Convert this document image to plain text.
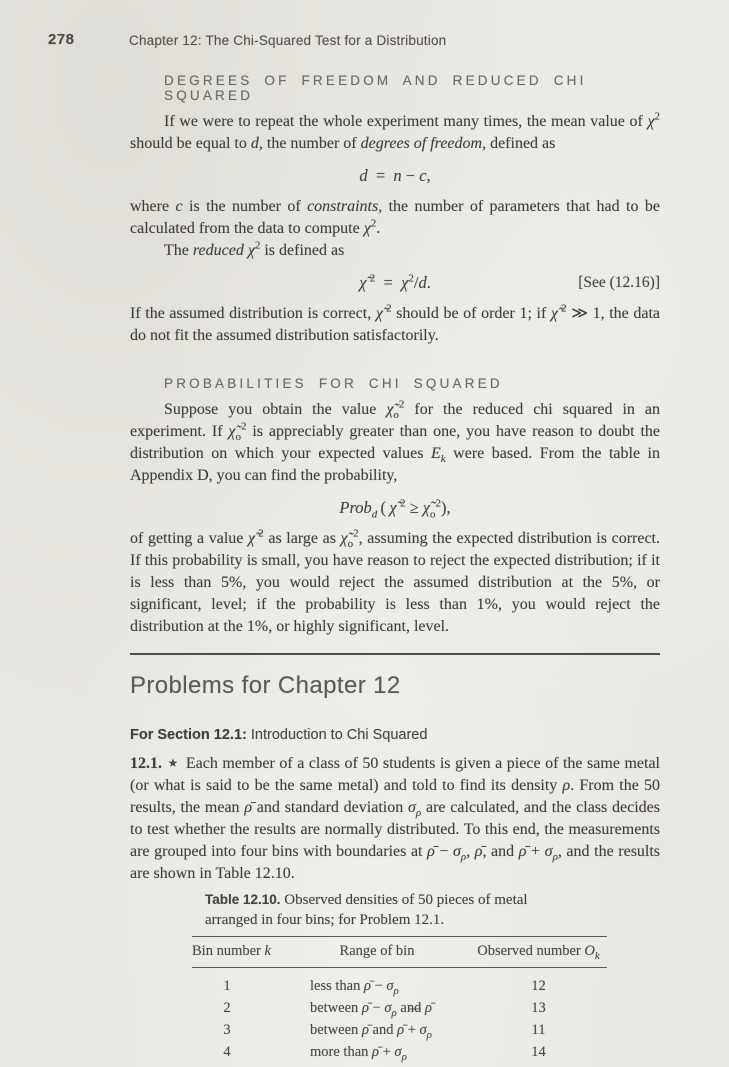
278	Chapter 12: The Chi-Squared Test for a Distribution
DEGREES OF FREEDOM AND REDUCED CHI SQUARED

If we were to repeat the whole experiment many times, the mean value of $\chi^2$ should be equal to d, the number of degrees of freedom, defined as

d = n − c,

where c is the number of constraints, the number of parameters that had to be calculated from the data to compute $\chi^2$.

The reduced $\chi^2$ is defined as

χ̃  $^2$ = $\chi^2/d$.	[See (12.16)]

If the assumed distribution is correct, χ̃  $^2$ should be of order 1; if χ̃  $^2$ ≫ 1, the data do not fit the assumed distribution satisfactorily.

PROBABILITIES FOR CHI SQUARED

Suppose you obtain the value $\chĩ_o^2$ for the reduced chi squared in an experiment. If $\chĩ_o^2$ is appreciably greater than one, you have reason to doubt the distribution on which your expected values $E_k$ were based. From the table in Appendix D, you can find the probability,

Prob$_d$ ( χ̃  $^2 \ge \chĩ_o^2$),

of getting a value χ̃  $^2$ as large as $\chĩ_o^2$, assuming the expected distribution is correct. If this probability is small, you have reason to reject the expected distribution; if it is less than 5%, you would reject the assumed distribution at the 5%, or significant, level; if the probability is less than 1%, you would reject the distribution at the 1%, or highly significant, level.

Problems for Chapter 12
For Section 12.1: Introduction to Chi Squared

12.1. ★ Each member of a class of 50 students is given a piece of the same metal (or what is said to be the same metal) and told to find its density ρ. From the 50 results, the mean ρ̄ and standard deviation $\sigma_\rho$ are calculated, and the class decides to test whether the results are normally distributed. To this end, the measurements are grouped into four bins with boundaries at ρ̄ − $\sigma_\rho$, ρ̄, and ρ̄ + $\sigma_\rho$, and the results are shown in Table 12.10.

Table 12.10. Observed densities of 50 pieces of metal arranged in four bins; for Problem 12.1.

Bin number k	Range of bin	Observed number $O_k$
1	less than ρ̄ − $\sigma_\rho$	12
2	between ρ̄ − $\sigma_\rho$ and ρ̄	13
3	between ρ̄ and ρ̄ + $\sigma_\rho$	11
4	more than ρ̄ + $\sigma_\rho$	14
